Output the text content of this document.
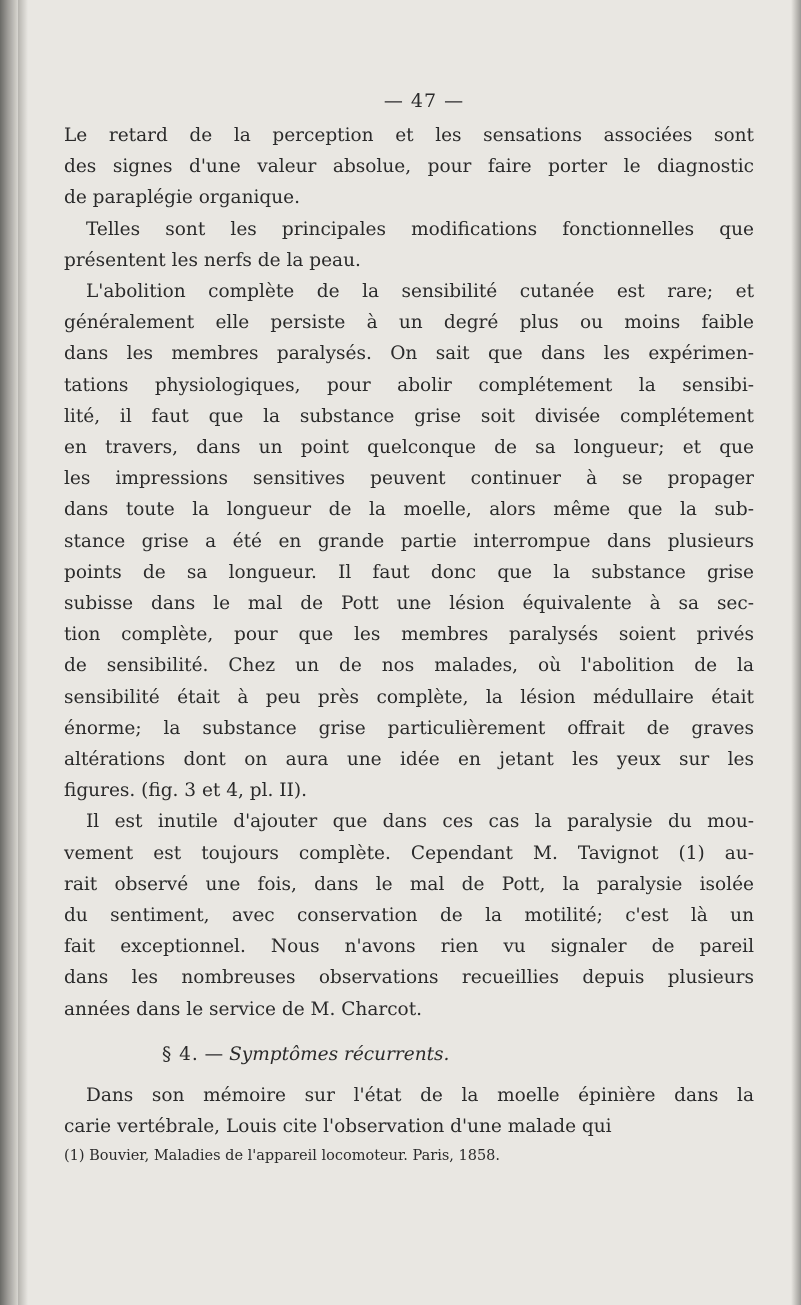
— 47 —

Le retard de la perception et les sensations associées sont
des signes d'une valeur absolue, pour faire porter le diagnostic
de paraplégie organique.

Telles sont les principales modifications fonctionnelles que
présentent les nerfs de la peau.

L'abolition complète de la sensibilité cutanée est rare; et
généralement elle persiste à un degré plus ou moins faible
dans les membres paralysés. On sait que dans les expérimen-
tations physiologiques, pour abolir complétement la sensibi-
lité, il faut que la substance grise soit divisée complétement
en travers, dans un point quelconque de sa longueur; et que
les impressions sensitives peuvent continuer à se propager
dans toute la longueur de la moelle, alors même que la sub-
stance grise a été en grande partie interrompue dans plusieurs
points de sa longueur. Il faut donc que la substance grise
subisse dans le mal de Pott une lésion équivalente à sa sec-
tion complète, pour que les membres paralysés soient privés
de sensibilité. Chez un de nos malades, où l'abolition de la
sensibilité était à peu près complète, la lésion médullaire était
énorme; la substance grise particulièrement offrait de graves
altérations dont on aura une idée en jetant les yeux sur les
figures. (fig. 3 et 4, pl. II).

Il est inutile d'ajouter que dans ces cas la paralysie du mou-
vement est toujours complète. Cependant M. Tavignot (1) au-
rait observé une fois, dans le mal de Pott, la paralysie isolée
du sentiment, avec conservation de la motilité; c'est là un
fait exceptionnel. Nous n'avons rien vu signaler de pareil
dans les nombreuses observations recueillies depuis plusieurs
années dans le service de M. Charcot.

§ 4. — Symptômes récurrents.

Dans son mémoire sur l'état de la moelle épinière dans la
carie vertébrale, Louis cite l'observation d'une malade qui

(1) Bouvier, Maladies de l'appareil locomoteur. Paris, 1858.
